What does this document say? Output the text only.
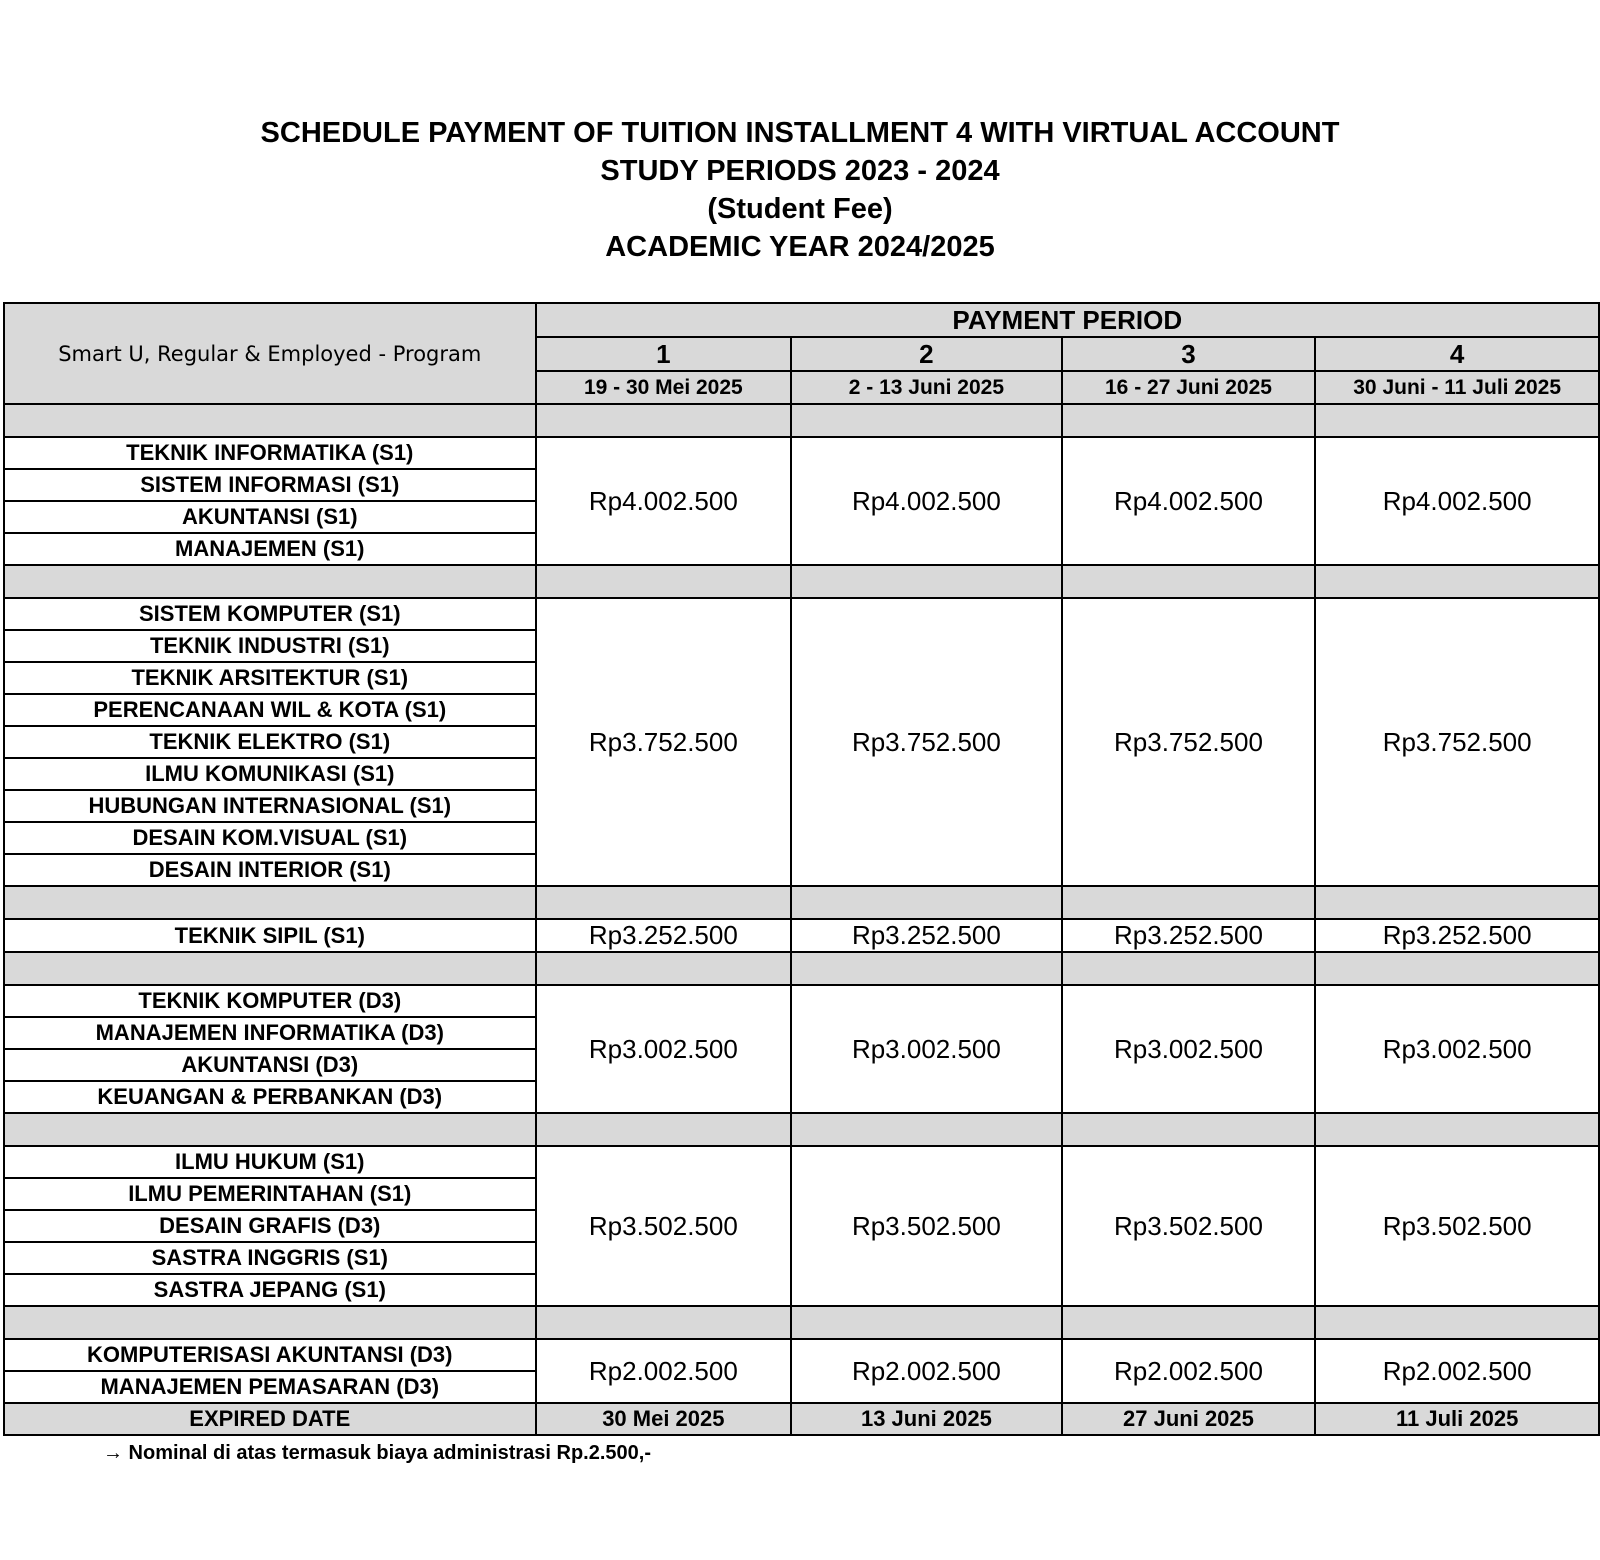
SCHEDULE PAYMENT OF TUITION INSTALLMENT 4 WITH VIRTUAL ACCOUNT
STUDY PERIODS 2023 - 2024
(Student Fee)
ACADEMIC YEAR 2024/2025
Smart U, Regular & Employed - Program	PAYMENT PERIOD			
	1	2	3	4
	19 - 30 Mei 2025	2 - 13 Juni 2025	16 - 27 Juni 2025	30 Juni - 11 Juli 2025

TEKNIK INFORMATIKA (S1)	Rp4.002.500	Rp4.002.500	Rp4.002.500	Rp4.002.500
SISTEM INFORMASI (S1)				
AKUNTANSI (S1)				
MANAJEMEN (S1)				

SISTEM KOMPUTER (S1)	Rp3.752.500	Rp3.752.500	Rp3.752.500	Rp3.752.500
TEKNIK INDUSTRI (S1)				
TEKNIK ARSITEKTUR (S1)				
PERENCANAAN WIL & KOTA (S1)				
TEKNIK ELEKTRO (S1)				
ILMU KOMUNIKASI (S1)				
HUBUNGAN INTERNASIONAL (S1)				
DESAIN KOM.VISUAL (S1)				
DESAIN INTERIOR (S1)				

TEKNIK SIPIL (S1)	Rp3.252.500	Rp3.252.500	Rp3.252.500	Rp3.252.500

TEKNIK KOMPUTER (D3)	Rp3.002.500	Rp3.002.500	Rp3.002.500	Rp3.002.500
MANAJEMEN INFORMATIKA (D3)				
AKUNTANSI (D3)				
KEUANGAN & PERBANKAN (D3)				

ILMU HUKUM (S1)	Rp3.502.500	Rp3.502.500	Rp3.502.500	Rp3.502.500
ILMU PEMERINTAHAN (S1)				
DESAIN GRAFIS (D3)				
SASTRA INGGRIS (S1)				
SASTRA JEPANG (S1)				

KOMPUTERISASI AKUNTANSI (D3)	Rp2.002.500	Rp2.002.500	Rp2.002.500	Rp2.002.500
MANAJEMEN PEMASARAN (D3)				
EXPIRED DATE	30 Mei 2025	13 Juni 2025	27 Juni 2025	11 Juli 2025
→ Nominal di atas termasuk biaya administrasi Rp.2.500,-
